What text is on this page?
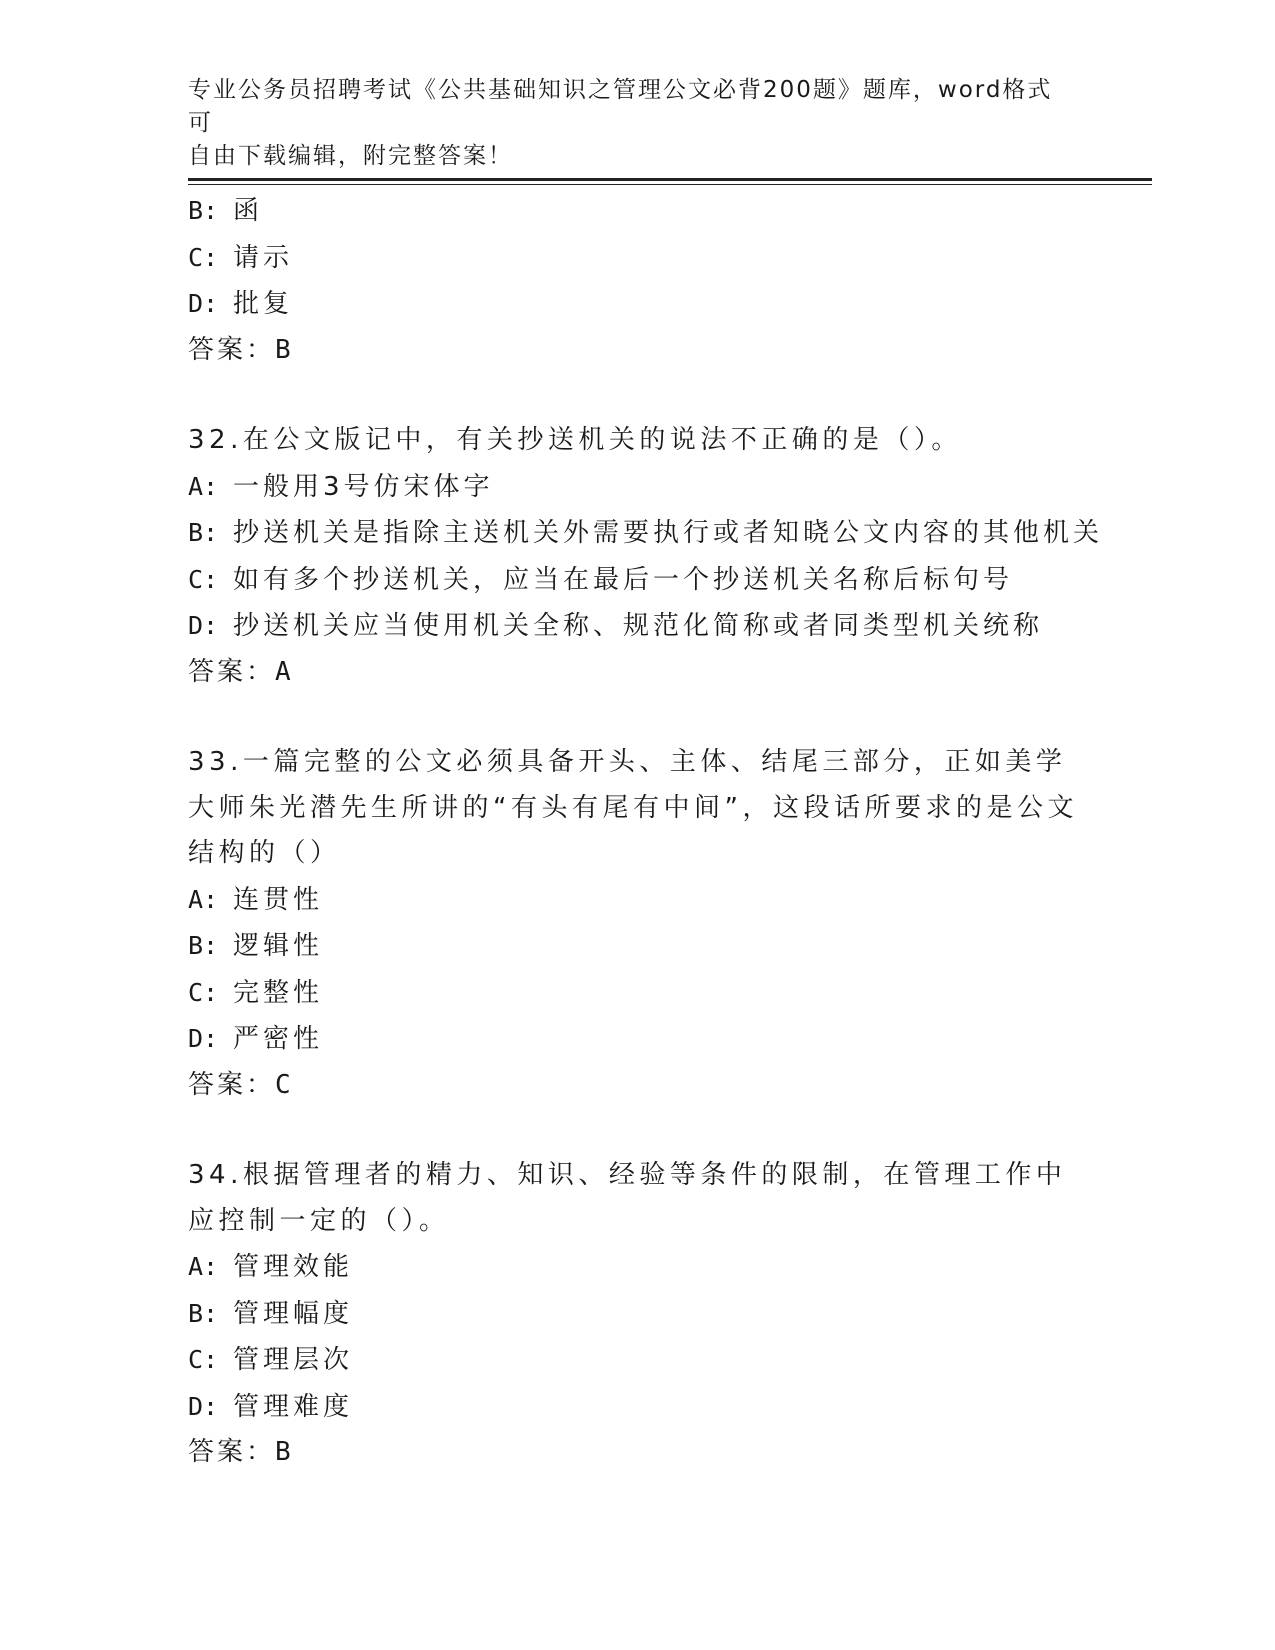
专业公务员招聘考试《公共基础知识之管理公文必背200题》题库，word格式可
自由下载编辑，附完整答案！
B: 函
C: 请示
D: 批复
答案：B
32.在公文版记中，有关抄送机关的说法不正确的是（）。
A: 一般用3号仿宋体字
B: 抄送机关是指除主送机关外需要执行或者知晓公文内容的其他机关
C: 如有多个抄送机关，应当在最后一个抄送机关名称后标句号
D: 抄送机关应当使用机关全称、规范化简称或者同类型机关统称
答案：A
33.一篇完整的公文必须具备开头、主体、结尾三部分，正如美学大师朱光潜先生所讲的“有头有尾有中间”，这段话所要求的是公文结构的（）
A: 连贯性
B: 逻辑性
C: 完整性
D: 严密性
答案：C
34.根据管理者的精力、知识、经验等条件的限制，在管理工作中应控制一定的（）。
A: 管理效能
B: 管理幅度
C: 管理层次
D: 管理难度
答案：B
